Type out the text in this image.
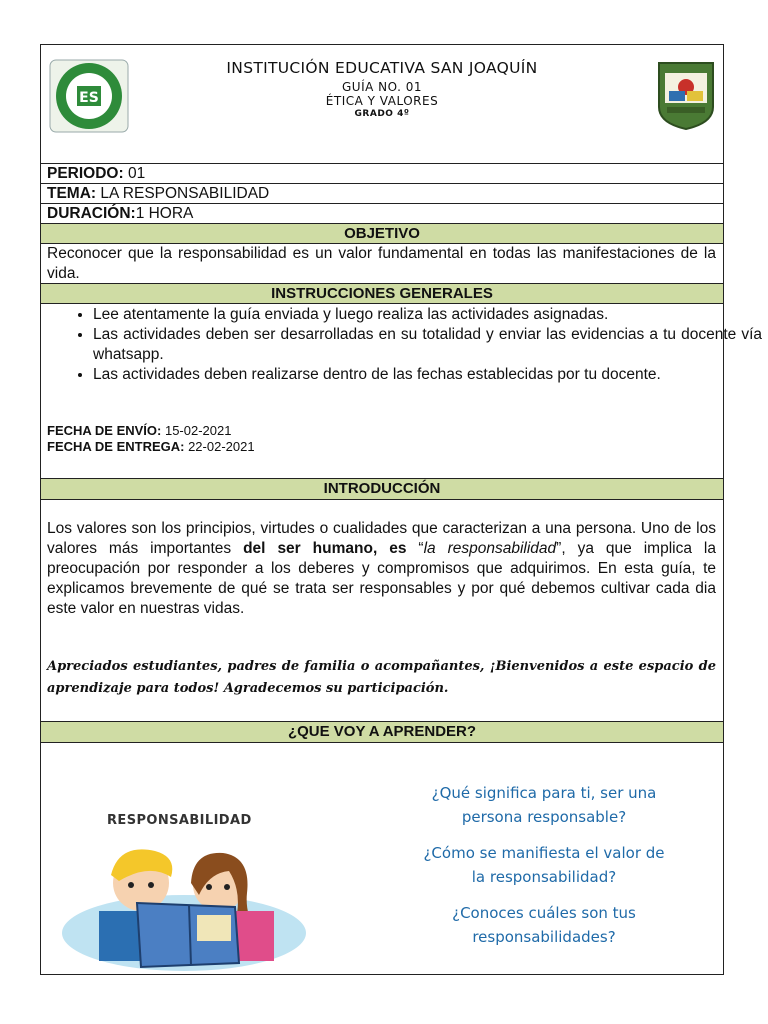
ES
INSTITUCIÓN EDUCATIVA SAN JOAQUÍN
GUÍA NO. 01
ÉTICA Y VALORES
GRADO 4º
PERIODO: 01
TEMA: LA RESPONSABILIDAD
DURACIÓN:1 HORA
OBJETIVO
Reconocer que la responsabilidad es un valor fundamental en todas las manifestaciones de la vida.
INSTRUCCIONES GENERALES
• Lee atentamente la guía enviada y luego realiza las actividades asignadas.
• Las actividades deben ser desarrolladas en su totalidad y enviar las evidencias a tu docente vía whatsapp.
• Las actividades deben realizarse dentro de las fechas establecidas por tu docente.
FECHA DE ENVÍO: 15-02-2021
FECHA DE ENTREGA: 22-02-2021
INTRODUCCIÓN
Los valores son los principios, virtudes o cualidades que caracterizan a una persona. Uno de los valores más importantes del ser humano, es “la responsabilidad”, ya que implica la preocupación por responder a los deberes y compromisos que adquirimos. En esta guía, te explicamos brevemente de qué se trata ser responsables y por qué debemos cultivar cada dia este valor en nuestras vidas.
Apreciados estudiantes, padres de familia o acompañantes, ¡Bienvenidos a este espacio de aprendizaje para todos! Agradecemos su participación.
¿QUE VOY A APRENDER?
RESPONSABILIDAD
¿Qué significa para ti, ser una persona responsable?
¿Cómo se manifiesta el valor de la responsabilidad?
¿Conoces cuáles son tus responsabilidades?
